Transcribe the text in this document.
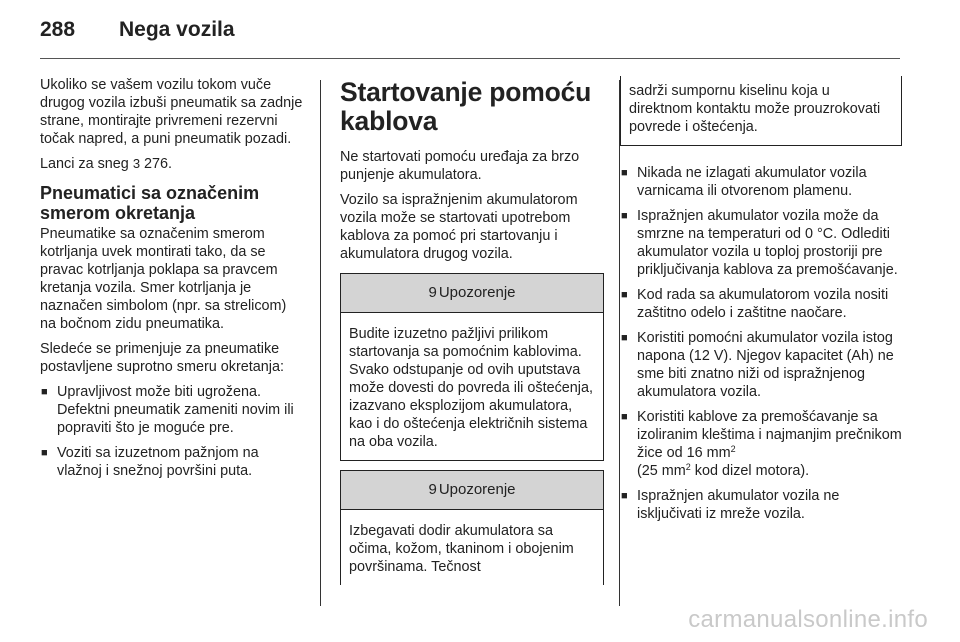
288	Nega vozila

Ukoliko se vašem vozilu tokom vuče drugog vozila izbuši pneumatik sa zadnje strane, montirajte privremeni rezervni točak napred, a puni pneumatik pozadi.

Lanci za sneg 3 276.

Pneumatici sa označenim smerom okretanja

Pneumatike sa označenim smerom kotrljanja uvek montirati tako, da se pravac kotrljanja poklapa sa pravcem kretanja vozila. Smer kotrljanja je naznačen simbolom (npr. sa strelicom) na bočnom zidu pneumatika.

Sledeće se primenjuje za pneumatike postavljene suprotno smeru okretanja:

■ Upravljivost može biti ugrožena. Defektni pneumatik zameniti novim ili popraviti što je moguće pre.
■ Voziti sa izuzetnom pažnjom na vlažnoj i snežnoj površini puta.
Startovanje pomoću kablova

Ne startovati pomoću uređaja za brzo punjenje akumulatora.

Vozilo sa ispražnjenim akumulatorom vozila može se startovati upotrebom kablova za pomoć pri startovanju i akumulatora drugog vozila.

9 Upozorenje
Budite izuzetno pažljivi prilikom startovanja sa pomoćnim kablovima. Svako odstupanje od ovih uputstava može dovesti do povreda ili oštećenja, izazvano eksplozijom akumulatora, kao i do oštećenja električnih sistema na oba vozila.
9 Upozorenje
Izbegavati dodir akumulatora sa očima, kožom, tkaninom i obojenim površinama. Tečnost
sadrži sumpornu kiselinu koja u direktnom kontaktu može prouzrokovati povrede i oštećenja.
■ Nikada ne izlagati akumulator vozila varnicama ili otvorenom plamenu.
■ Ispražnjen akumulator vozila može da smrzne na temperaturi od 0 °C. Odlediti akumulator vozila u toploj prostoriji pre priključivanja kablova za premošćavanje.
■ Kod rada sa akumulatorom vozila nositi zaštitno odelo i zaštitne naočare.
■ Koristiti pomoćni akumulator vozila istog napona (12 V). Njegov kapacitet (Ah) ne sme biti znatno niži od ispražnjenog akumulatora vozila.
■ Koristiti kablove za premošćavanje sa izoliranim kleštima i najmanjim prečnikom žice od 16 $mm^2$
(25 $mm^2$ kod dizel motora).
■ Ispražnjen akumulator vozila ne isključivati iz mreže vozila.
carmanualsonline.info
